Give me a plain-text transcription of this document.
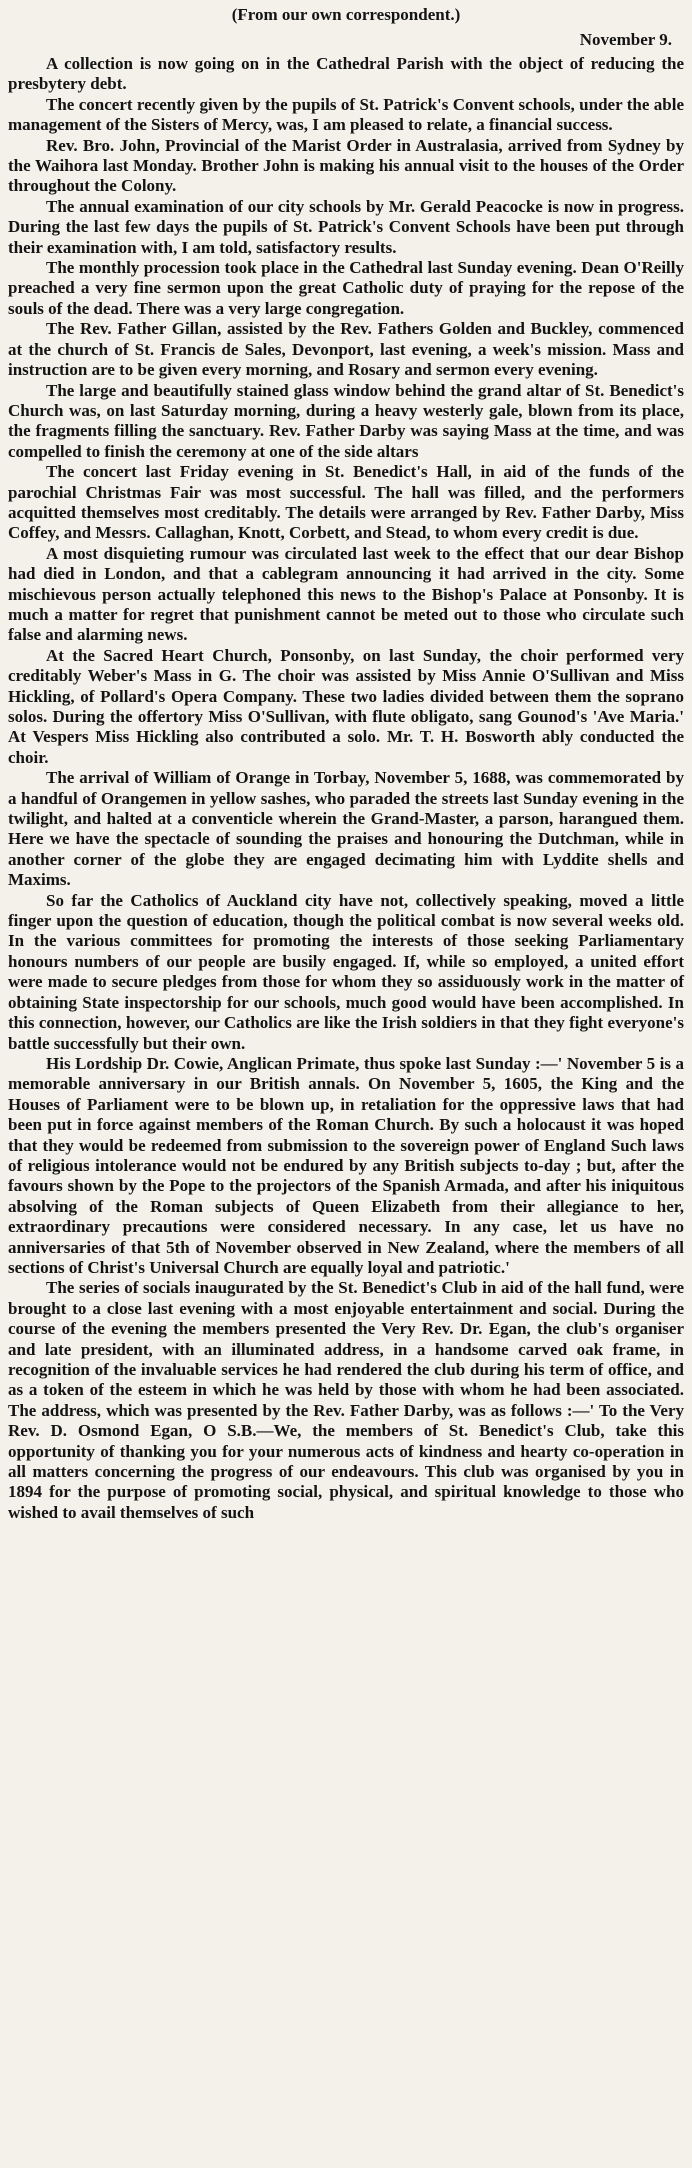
(From our own correspondent.)
November 9.

A collection is now going on in the Cathedral Parish with the object of reducing the presbytery debt.

The concert recently given by the pupils of St. Patrick's Convent schools, under the able management of the Sisters of Mercy, was, I am pleased to relate, a financial success.

Rev. Bro. John, Provincial of the Marist Order in Australasia, arrived from Sydney by the Waihora last Monday. Brother John is making his annual visit to the houses of the Order throughout the Colony.

The annual examination of our city schools by Mr. Gerald Peacocke is now in progress. During the last few days the pupils of St. Patrick's Convent Schools have been put through their examination with, I am told, satisfactory results.

The monthly procession took place in the Cathedral last Sunday evening. Dean O'Reilly preached a very fine sermon upon the great Catholic duty of praying for the repose of the souls of the dead. There was a very large congregation.

The Rev. Father Gillan, assisted by the Rev. Fathers Golden and Buckley, commenced at the church of St. Francis de Sales, Devonport, last evening, a week's mission. Mass and instruction are to be given every morning, and Rosary and sermon every evening.

The large and beautifully stained glass window behind the grand altar of St. Benedict's Church was, on last Saturday morning, during a heavy westerly gale, blown from its place, the fragments filling the sanctuary. Rev. Father Darby was saying Mass at the time, and was compelled to finish the ceremony at one of the side altars

The concert last Friday evening in St. Benedict's Hall, in aid of the funds of the parochial Christmas Fair was most successful. The hall was filled, and the performers acquitted themselves most creditably. The details were arranged by Rev. Father Darby, Miss Coffey, and Messrs. Callaghan, Knott, Corbett, and Stead, to whom every credit is due.

A most disquieting rumour was circulated last week to the effect that our dear Bishop had died in London, and that a cablegram announcing it had arrived in the city. Some mischievous person actually telephoned this news to the Bishop's Palace at Ponsonby. It is much a matter for regret that punishment cannot be meted out to those who circulate such false and alarming news.

At the Sacred Heart Church, Ponsonby, on last Sunday, the choir performed very creditably Weber's Mass in G. The choir was assisted by Miss Annie O'Sullivan and Miss Hickling, of Pollard's Opera Company. These two ladies divided between them the soprano solos. During the offertory Miss O'Sullivan, with flute obligato, sang Gounod's 'Ave Maria.' At Vespers Miss Hickling also contributed a solo. Mr. T. H. Bosworth ably conducted the choir.

The arrival of William of Orange in Torbay, November 5, 1688, was commemorated by a handful of Orangemen in yellow sashes, who paraded the streets last Sunday evening in the twilight, and halted at a conventicle wherein the Grand-Master, a parson, harangued them. Here we have the spectacle of sounding the praises and honouring the Dutchman, while in another corner of the globe they are engaged decimating him with Lyddite shells and Maxims.

So far the Catholics of Auckland city have not, collectively speaking, moved a little finger upon the question of education, though the political combat is now several weeks old. In the various committees for promoting the interests of those seeking Parliamentary honours numbers of our people are busily engaged. If, while so employed, a united effort were made to secure pledges from those for whom they so assiduously work in the matter of obtaining State inspectorship for our schools, much good would have been accomplished. In this connection, however, our Catholics are like the Irish soldiers in that they fight everyone's battle successfully but their own.

His Lordship Dr. Cowie, Anglican Primate, thus spoke last Sunday :—' November 5 is a memorable anniversary in our British annals. On November 5, 1605, the King and the Houses of Parliament were to be blown up, in retaliation for the oppressive laws that had been put in force against members of the Roman Church. By such a holocaust it was hoped that they would be redeemed from submission to the sovereign power of England Such laws of religious intolerance would not be endured by any British subjects to-day ; but, after the favours shown by the Pope to the projectors of the Spanish Armada, and after his iniquitous absolving of the Roman subjects of Queen Elizabeth from their allegiance to her, extraordinary precautions were considered necessary. In any case, let us have no anniversaries of that 5th of November observed in New Zealand, where the members of all sections of Christ's Universal Church are equally loyal and patriotic.'

The series of socials inaugurated by the St. Benedict's Club in aid of the hall fund, were brought to a close last evening with a most enjoyable entertainment and social. During the course of the evening the members presented the Very Rev. Dr. Egan, the club's organiser and late president, with an illuminated address, in a handsome carved oak frame, in recognition of the invaluable services he had rendered the club during his term of office, and as a token of the esteem in which he was held by those with whom he had been associated. The address, which was presented by the Rev. Father Darby, was as follows :—' To the Very Rev. D. Osmond Egan, O S.B.—We, the members of St. Benedict's Club, take this opportunity of thanking you for your numerous acts of kindness and hearty co-operation in all matters concerning the progress of our endeavours. This club was organised by you in 1894 for the purpose of promoting social, physical, and spiritual knowledge to those who wished to avail themselves of such
